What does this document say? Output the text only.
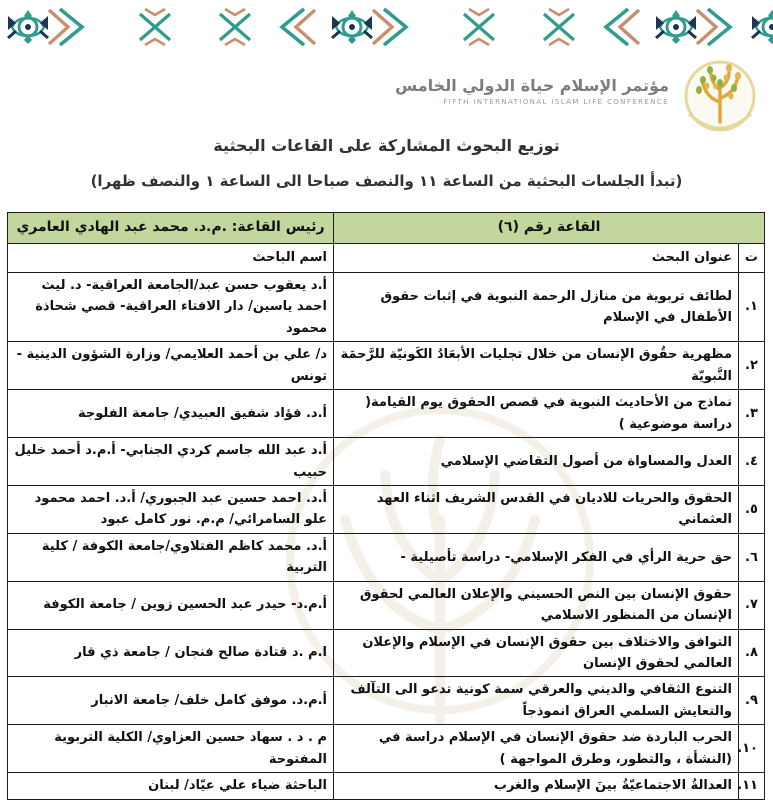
مؤتمر الإسلام حياة الدولي الخامس
FIFTH INTERNATIONAL ISLAM LIFE CONFERENCE
توزيع البحوث المشاركة على القاعات البحثية
(تبدأ الجلسات البحثية من الساعة ١١ والنصف صباحا الى الساعة ١ والنصف ظهرا)
القاعة رقم (٦)		رئيس القاعة: .م.د. محمد عبد الهادي العامري
ت	عنوان البحث	اسم الباحث
١.	لطائف تربوية من منازل الرحمة النبوية في إثبات حقوق الأطفال في الإسلام	أ.د يعقوب حسن عبد/الجامعة العراقية- د. ليث احمد ياسين/ دار الافتاء العراقية- قصي شحاذة محمود
٢.	مظهرية حقُوق الإنسان من خلال تجليات الأبعَادُ الكَونيّة للرَّحمَة النَّبويّة	د/ علي بن أحمد العلايمي/ وزارة الشؤون الدينية - تونس
٣.	نماذج من الأحاديث النبوية في قصص الحقوق يوم القيامة( دراسة موضوعية )	أ.د. فؤاد شفيق العبيدي/ جامعة الفلوجة
٤.	العدل والمساواة من أصول التقاضي الإسلامي	أ.د عبد الله جاسم كردي الجنابي- أ.م.د أحمد خليل حبيب
٥.	الحقوق والحريات للاديان في القدس الشريف اثناء العهد العثماني	أ.د. احمد حسين عبد الجبوري/ أ.د. احمد محمود علو السامرائي/ م.م. نور كامل عبود
٦.	حق حرية الرأي في الفكر الإسلامي- دراسة تأصيلية -	أ.د. محمد كاظم الفتلاوي/جامعة الكوفة / كلية التربية
٧.	حقوق الإنسان بين النص الحسيني والإعلان العالمي لحقوق الإنسان من المنظور الاسلامي	أ.م.د- حيدر عبد الحسين زوين / جامعة الكوفة
٨.	التوافق والاختلاف بين حقوق الإنسان في الإسلام والإعلان العالمي لحقوق الإنسان	ا.م .د قتادة صالح فنجان / جامعة ذي قار
٩.	التنوع الثقافي والديني والعرقي سمة كونية تدعو الى التآلف والتعايش السلمي العراق انموذجاً	أ.م.د. موفق كامل خلف/ جامعة الانبار
١٠.	الحرب الباردة ضد حقوق الإنسان في الإسلام دراسة في (النشأة ، والتطور، وطرق المواجهة )	م . د . سهاد حسين العزاوي/ الكلية التربوية المفتوحة
١١.	العدالةُ الاجتماعيّةُ بينَ الإسلام والغرب	الباحثة ضياء علي عيّاد/ لبنان
